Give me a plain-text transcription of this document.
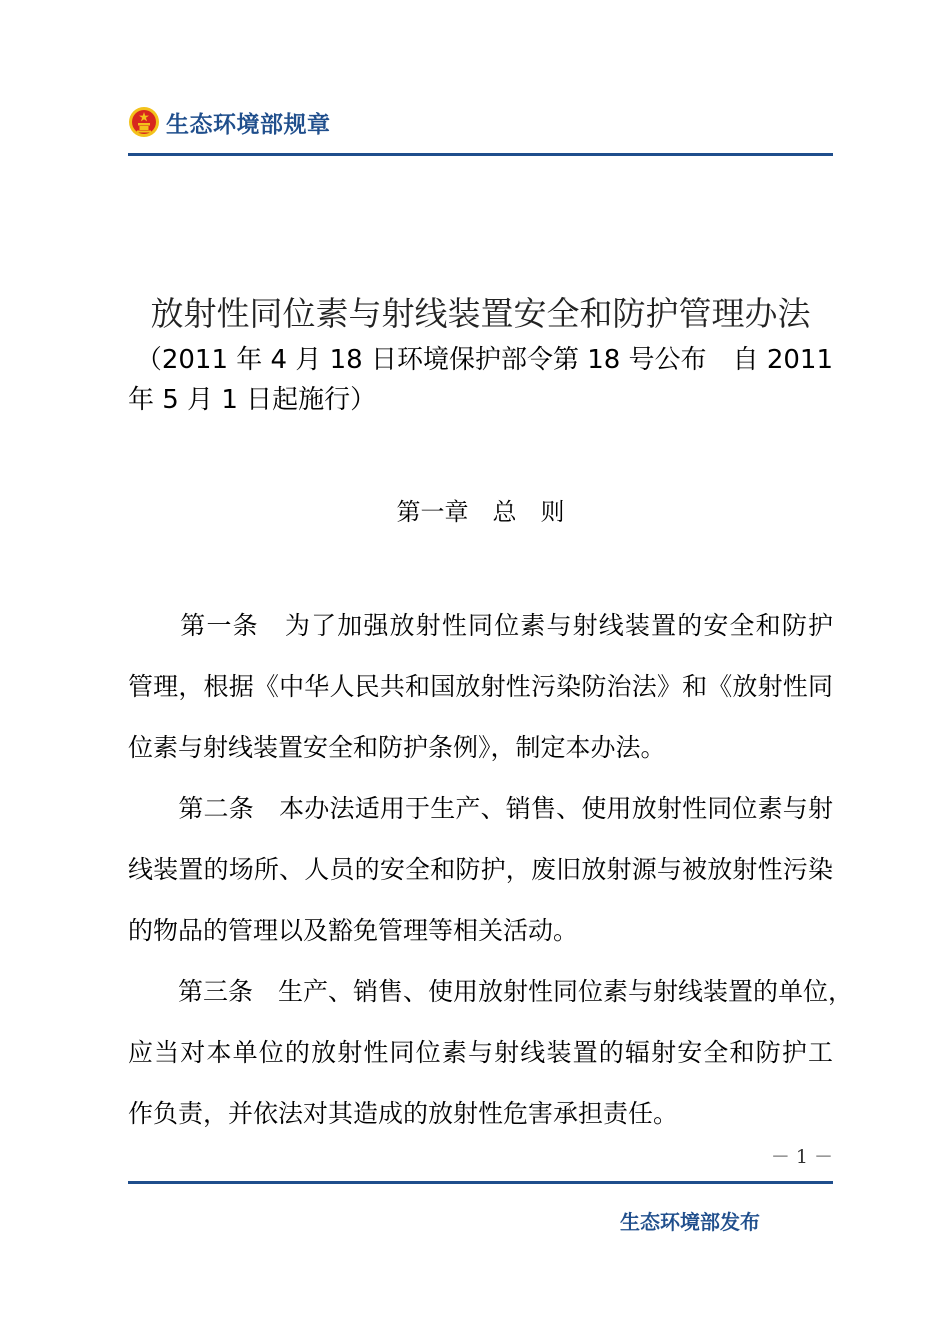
生态环境部规章
放射性同位素与射线装置安全和防护管理办法
（2011 年 4 月 18 日环境保护部令第 18 号公布　自 2011
年 5 月 1 日起施行）
第一章　总　则
　　第一条　为了加强放射性同位素与射线装置的安全和防护
管理，根据《中华人民共和国放射性污染防治法》和《放射性同
位素与射线装置安全和防护条例》，制定本办法。
　　第二条　本办法适用于生产、销售、使用放射性同位素与射
线装置的场所、人员的安全和防护，废旧放射源与被放射性污染
的物品的管理以及豁免管理等相关活动。
　　第三条　生产、销售、使用放射性同位素与射线装置的单位，
应当对本单位的放射性同位素与射线装置的辐射安全和防护工
作负责，并依法对其造成的放射性危害承担责任。
－ 1 －
生态环境部发布
